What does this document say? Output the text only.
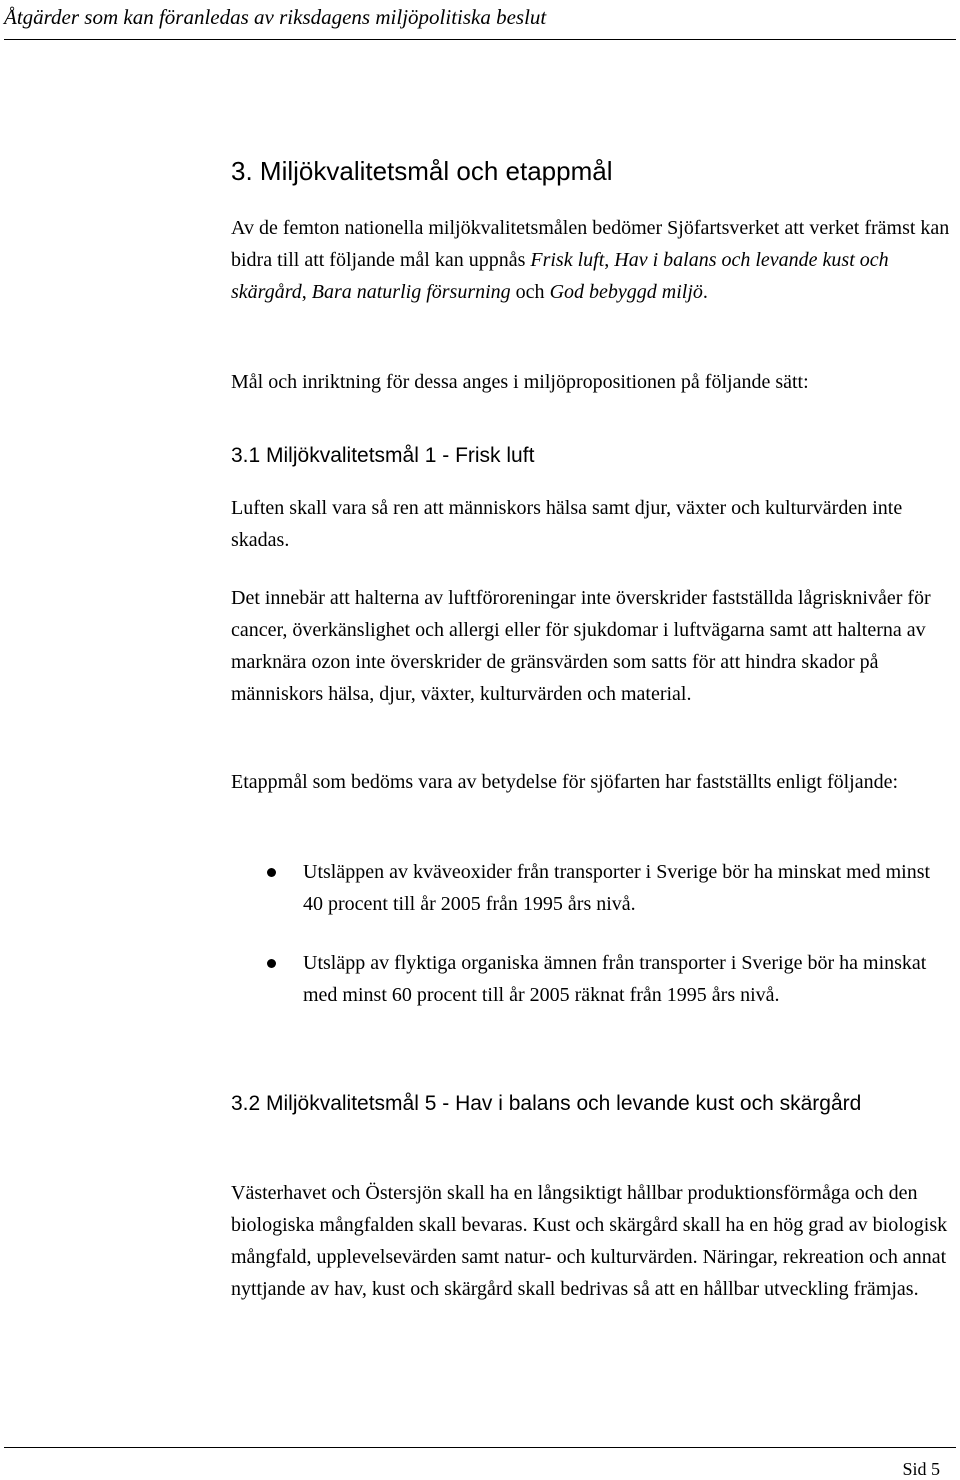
Åtgärder som kan föranledas av riksdagens miljöpolitiska beslut
3. Miljökvalitetsmål och etappmål

Av de femton nationella miljökvalitetsmålen bedömer Sjöfartsverket att verket främst kan bidra till att följande mål kan uppnås Frisk luft, Hav i balans och levande kust och skärgård, Bara naturlig försurning och God bebyggd miljö.

Mål och inriktning för dessa anges i miljöpropositionen på följande sätt:

3.1 Miljökvalitetsmål 1 - Frisk luft

Luften skall vara så ren att människors hälsa samt djur, växter och kulturvärden inte skadas.

Det innebär att halterna av luftföroreningar inte överskrider fastställda lågrisknivåer för cancer, överkänslighet och allergi eller för sjukdomar i luftvägarna samt att halterna av marknära ozon inte överskrider de gränsvärden som satts för att hindra skador på människors hälsa, djur, växter, kulturvärden och material.

Etappmål som bedöms vara av betydelse för sjöfarten har fastställts enligt följande:

Utsläppen av kväveoxider från transporter i Sverige bör ha minskat med minst 40 procent till år 2005 från 1995 års nivå.

Utsläpp av flyktiga organiska ämnen från transporter i Sverige bör ha minskat med minst 60 procent till år 2005 räknat från 1995 års nivå.

3.2 Miljökvalitetsmål 5 - Hav i balans och levande kust och skärgård

Västerhavet och Östersjön skall ha en långsiktigt hållbar produktionsförmåga och den biologiska mångfalden skall bevaras. Kust och skärgård skall ha en hög grad av biologisk mångfald, upplevelsevärden samt natur- och kulturvärden. Näringar, rekreation och annat nyttjande av hav, kust och skärgård skall bedrivas så att en hållbar utveckling främjas.

Sid 5
